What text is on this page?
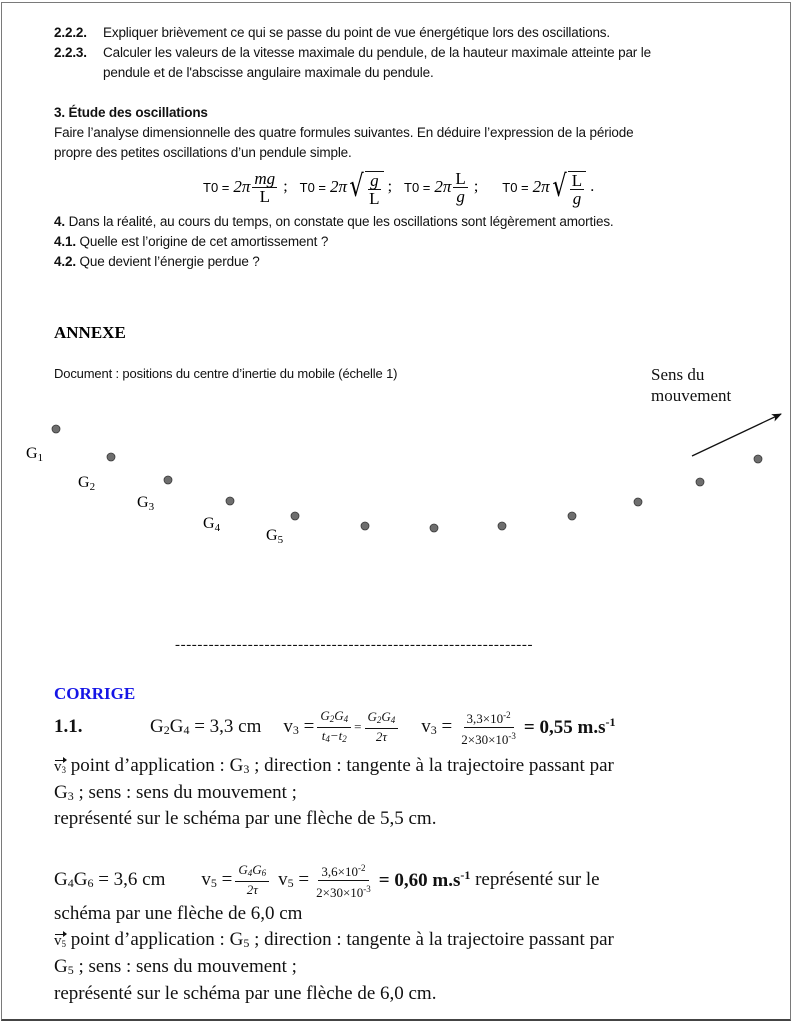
2.2.2. Expliquer brièvement ce qui se passe du point de vue énergétique lors des oscillations.
2.2.3. Calculer les valeurs de la vitesse maximale du pendule, de la hauteur maximale atteinte par le
pendule et de l'abscisse angulaire maximale du pendule.
3. Étude des oscillations
Faire l’analyse dimensionnelle des quatre formules suivantes. En déduire l’expression de la période
propre des petites oscillations d’un pendule simple.
$T0 = 2\pi \frac{mg}{L}$ ; T0 = 2π √ $\frac{g}{L}$ ; $T0 = 2\pi \frac{L}{g}$ ; T0 = 2π √ $\frac{L}{g}$ .
4. Dans la réalité, au cours du temps, on constate que les oscillations sont légèrement amorties.
4.1. Quelle est l’origine de cet amortissement ?
4.2. Que devient l’énergie perdue ?
ANNEXE
Document : positions du centre d’inertie du mobile (échelle 1)	Sens du
mouvement
$G_1$
$G_2$
$G_3$
$G_4$	$G_5$
----------------------------------------------------------------
CORRIGE
1.1.	$G_2G_4 = 3,3$ cm $v_3 = \frac{G_2G_4}{t_4-t_2} = \frac{G_2G_4}{2\tau} v_3 = \frac{3,3\times 10^{-2}}{2\times 30\times 10^{-3}} = 0,55$ $m.s^{-1}$
$v_3$ point d’application : $G_3$ ; direction : tangente à la trajectoire passant par
$G_3$ ; sens : sens du mouvement ;
représenté sur le schéma par une flèche de 5,5 cm.
$G_4G_6 = 3,6$ cm $v_5 = \frac{G_4G_6}{2\tau} v_5 = \frac{3,6\times 10^{-2}}{2\times 30\times 10^{-3}} = 0,60$ $m.s^{-1}$ représenté sur le
schéma par une flèche de 6,0 cm
$v_5$ point d’application : $G_5$ ; direction : tangente à la trajectoire passant par
$G_5$ ; sens : sens du mouvement ;
représenté sur le schéma par une flèche de 6,0 cm.
